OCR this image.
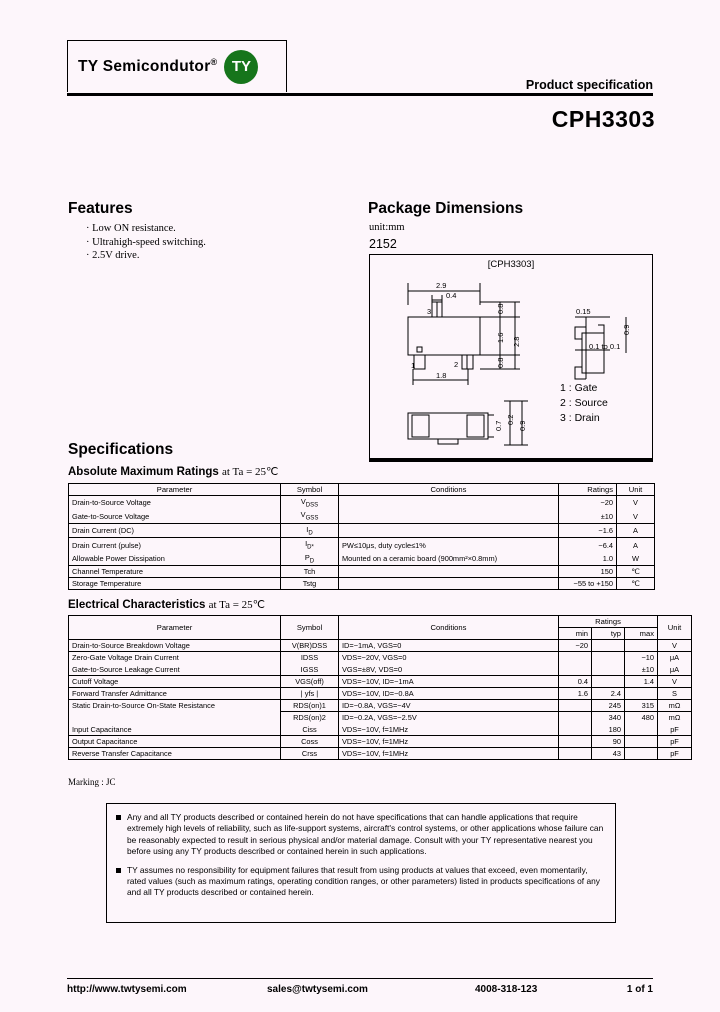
TY Semicondutor® TY
Product specification
CPH3303
Features
· Low ON resistance.
· Ultrahigh-speed switching.
· 2.5V drive.
Package Dimensions
unit:mm
2152
[CPH3303]
2.9
0.4
3
1	2
1.8
0.8
1.6
0.8
2.8
0.15
0.9
0.1 to 0.1
0.2
0.7 0.9
1 : Gate
2 : Source
3 : Drain
Specifications
Absolute Maximum Ratings at Ta = 25℃
Parameter	Symbol	Conditions	Ratings	Unit
Drain-to-Source Voltage	$V_{DSS}$		−20	V
Gate-to-Source Voltage	$V_{GSS}$		±10	V
Drain Current (DC)	$I_D$		−1.6	A
Drain Current (pulse)	$I_{D*}$	PW≤10μs, duty cycle≤1%	−6.4	A
Allowable Power Dissipation	$P_D$	Mounted on a ceramic board (900mm²×0.8mm)	1.0	W
Channel Temperature	Tch		150	℃
Storage Temperature	Tstg		−55 to +150	℃
Electrical Characteristics at Ta = 25℃
Parameter	Symbol	Conditions	Ratings			Unit
			min	typ	max	
Drain-to-Source Breakdown Voltage	V(BR)DSS	ID=−1mA, VGS=0	−20			V
Zero-Gate Voltage Drain Current	IDSS	VDS=−20V, VGS=0			−10	μA
Gate-to-Source Leakage Current	IGSS	VGS=±8V, VDS=0			±10	μA
Cutoff Voltage	VGS(off)	VDS=−10V, ID=−1mA	0.4		1.4	V
Forward Transfer Admittance	| yfs |	VDS=−10V, ID=−0.8A	1.6	2.4		S
Static Drain-to-Source On-State Resistance	RDS(on)1	ID=−0.8A, VGS=−4V		245	315	mΩ
	RDS(on)2	ID=−0.2A, VGS=−2.5V		340	480	mΩ
Input Capacitance	Ciss	VDS=−10V, f=1MHz		180		pF
Output Capacitance	Coss	VDS=−10V, f=1MHz		90		pF
Reverse Transfer Capacitance	Crss	VDS=−10V, f=1MHz		43		pF
Marking : JC

Any and all TY products described or contained herein do not have specifications that can handle applications that require extremely high levels of reliability, such as life-support systems, aircraft's control systems, or other applications whose failure can be reasonably expected to result in serious physical and/or material damage. Consult with your TY representative nearest you before using any TY products described or contained herein in such applications.

TY assumes no responsibility for equipment failures that result from using products at values that exceed, even momentarily, rated values (such as maximum ratings, operating condition ranges, or other parameters) listed in products specifications of any and all TY products described or contained herein.

http://www.twtysemi.com	sales@twtysemi.com	4008-318-123	1 of 1
